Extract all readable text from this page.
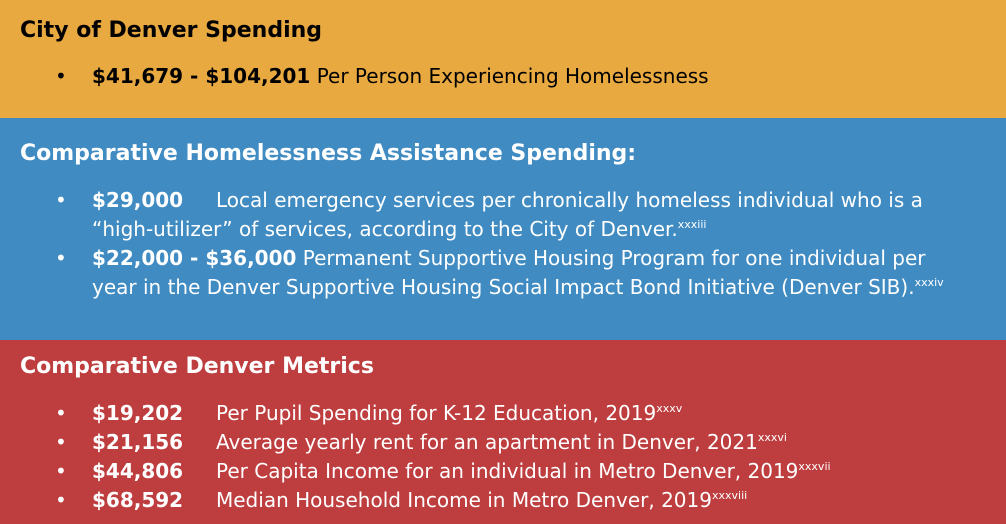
City of Denver Spending
• $41,679 - $104,201 Per Person Experiencing Homelessness
Comparative Homelessness Assistance Spending:
• $29,000 Local emergency services per chronically homeless individual who is a “high-utilizer” of services, according to the City of Denver.$^{xxxiii}$
• $22,000 - $36,000 Permanent Supportive Housing Program for one individual per year in the Denver Supportive Housing Social Impact Bond Initiative (Denver SIB).$^{xxxiv}$
Comparative Denver Metrics
• $19,202 Per Pupil Spending for K-12 Education, 2019$^{xxxv}$
• $21,156 Average yearly rent for an apartment in Denver, $2021^{xxxvi}$
• $44,806 Per Capita Income for an individual in Metro Denver, $2019^{xxxvii}$
• $68,592 Median Household Income in Metro Denver, $2019^{xxxviii}$
